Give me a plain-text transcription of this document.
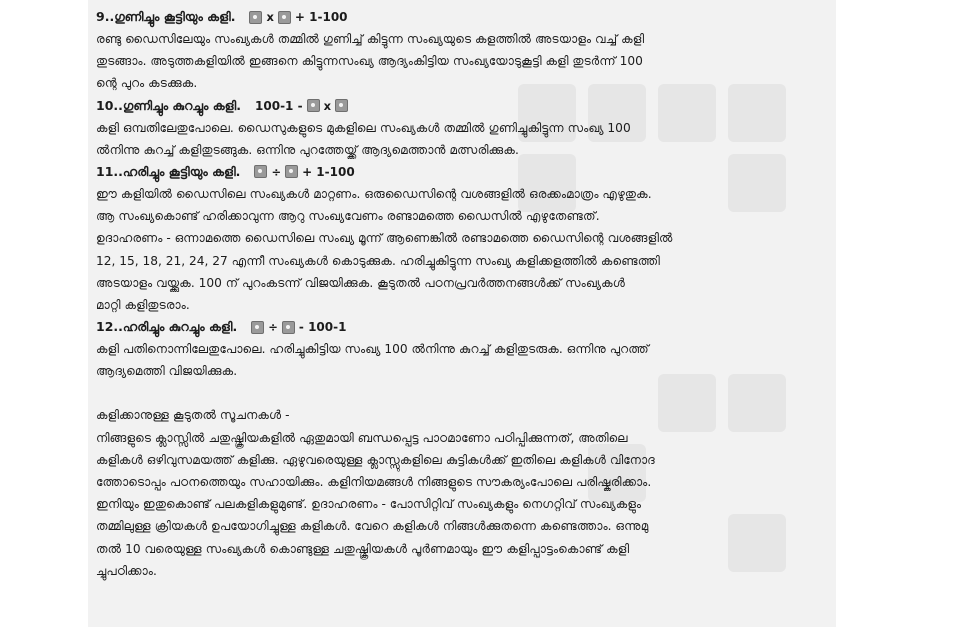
9..ഗുണിച്ചും കൂട്ടിയും കളി.	x + 1-100
രണ്ടു ഡൈസിലേയും സംഖ്യകൾ തമ്മിൽ ഗുണിച്ച് കിട്ടുന്ന സംഖ്യയുടെ കളത്തിൽ അടയാളം വച്ച് കളി
തുടങ്ങാം. അടുത്തകളിയിൽ ഇങ്ങനെ കിട്ടുന്നസംഖ്യ ആദ്യംകിട്ടിയ സംഖ്യയോടുകൂട്ടി കളി തുടർന്ന് 100
ന്റെ പുറം കടക്കുക.
10..ഗുണിച്ചും കുറച്ചും കളി. 100-1 - x
കളി ഒമ്പതിലേതുപോലെ. ഡൈസുകളുടെ മുകളിലെ സംഖ്യകൾ തമ്മിൽ ഗുണിച്ചുകിട്ടുന്ന സംഖ്യ 100
ൽനിന്നു കുറച്ച് കളിതുടങ്ങുക. ഒന്നിനു പുറത്തേയ്ക്ക് ആദ്യമെത്താൻ മത്സരിക്കുക.
11..ഹരിച്ചും കൂട്ടിയും കളി.	÷ + 1-100
ഈ കളിയിൽ ഡൈസിലെ സംഖ്യകൾ മാറ്റണം. ഒരുഡൈസിന്റെ വശങ്ങളിൽ ഒരക്കംമാത്രം എഴുതുക.
ആ സംഖ്യകൊണ്ട് ഹരിക്കാവുന്ന ആറു സംഖ്യവേണം രണ്ടാമത്തെ ഡൈസിൽ എഴുതേണ്ടത്.
ഉദാഹരണം - ഒന്നാമത്തെ ഡൈസിലെ സംഖ്യ മൂന്ന് ആണെങ്കിൽ രണ്ടാമത്തെ ഡൈസിന്റെ വശങ്ങളിൽ
12, 15, 18, 21, 24, 27 എന്നീ സംഖ്യകൾ കൊടുക്കുക. ഹരിച്ചുകിട്ടുന്ന സംഖ്യ കളിക്കളത്തിൽ കണ്ടെത്തി
അടയാളം വയ്ക്കുക. 100 ന് പുറംകടന്ന് വിജയിക്കുക. കൂടുതൽ പഠനപ്രവർത്തനങ്ങൾക്ക് സംഖ്യകൾ
മാറ്റി കളിതുടരാം.
12..ഹരിച്ചും കുറച്ചും കളി.	÷ - 100-1
കളി പതിനൊന്നിലേതുപോലെ. ഹരിച്ചുകിട്ടിയ സംഖ്യ 100 ൽനിന്നു കുറച്ച് കളിതുടരുക. ഒന്നിനു പുറത്ത്
ആദ്യമെത്തി വിജയിക്കുക.
കളിക്കാനുള്ള കൂടുതൽ സൂചനകൾ -
നിങ്ങളുടെ ക്ലാസ്സിൽ ചതുഷ്ക്രിയകളിൽ ഏതുമായി ബന്ധപ്പെട്ട പാഠമാണോ പഠിപ്പിക്കുന്നത്, അതിലെ
കളികൾ ഒഴിവുസമയത്ത് കളിക്കു. ഏഴുവരെയുള്ള ക്ലാസ്സുകളിലെ കുട്ടികൾക്ക് ഇതിലെ കളികൾ വിനോദ
ത്തോടൊപ്പം പഠനത്തെയും സഹായിക്കും. കളിനിയമങ്ങൾ നിങ്ങളുടെ സൗകര്യംപോലെ പരിഷ്കരിക്കാം.
ഇനിയും ഇതുകൊണ്ട് പലകളികളുമുണ്ട്. ഉദാഹരണം - പോസിറ്റിവ് സംഖ്യകളും നെഗറ്റിവ് സംഖ്യകളും
തമ്മിലുള്ള ക്രിയകൾ ഉപയോഗിച്ചുള്ള കളികൾ. വേറെ കളികൾ നിങ്ങൾക്കുതന്നെ കണ്ടെത്താം. ഒന്നുമു
തൽ 10 വരെയുള്ള സംഖ്യകൾ കൊണ്ടുള്ള ചതുഷ്ക്രിയകൾ പൂർണമായും ഈ കളിപ്പാട്ടംകൊണ്ട് കളി
ച്ചുപഠിക്കാം.
